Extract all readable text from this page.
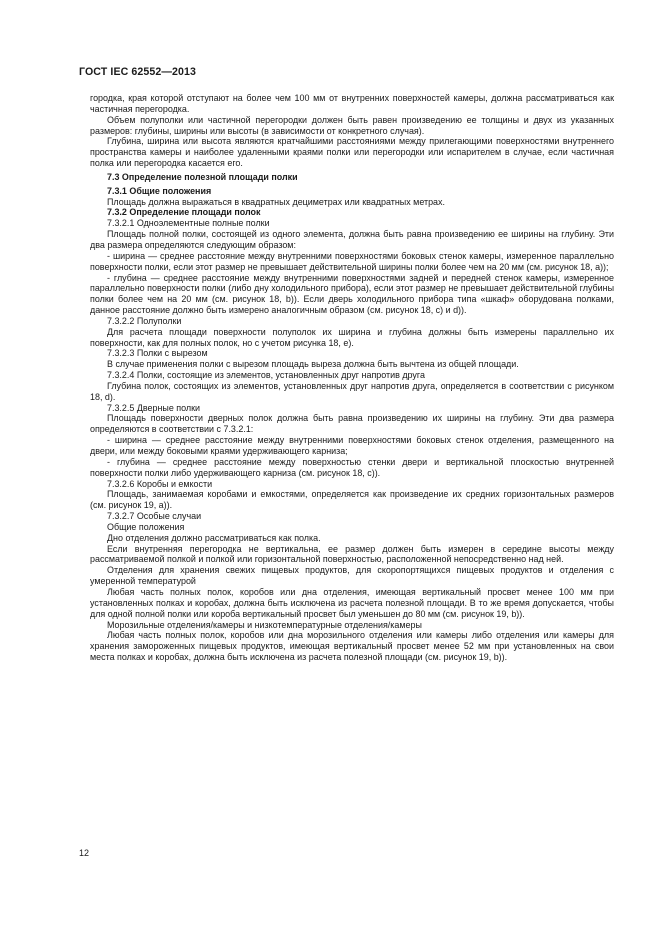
ГОСТ IEC 62552—2013

городка, края которой отступают на более чем 100 мм от внутренних поверхностей камеры, должна рассматриваться как частичная перегородка.

Объем полуполки или частичной перегородки должен быть равен произведению ее толщины и двух из указанных размеров: глубины, ширины или высоты (в зависимости от конкретного случая).

Глубина, ширина или высота являются кратчайшими расстояниями между прилегающими поверхностями внутреннего пространства камеры и наиболее удаленными краями полки или перегородки или испарителем в случае, если частичная полка или перегородка касается его.

7.3 Определение полезной площади полки

7.3.1 Общие положения

Площадь должна выражаться в квадратных дециметрах или квадратных метрах.

7.3.2 Определение площади полок

7.3.2.1 Одноэлементные полные полки

Площадь полной полки, состоящей из одного элемента, должна быть равна произведению ее ширины на глубину. Эти два размера определяются следующим образом:

- ширина — среднее расстояние между внутренними поверхностями боковых стенок камеры, измеренное параллельно поверхности полки, если этот размер не превышает действительной ширины полки более чем на 20 мм (см. рисунок 18, а));

- глубина — среднее расстояние между внутренними поверхностями задней и передней стенок камеры, измеренное параллельно поверхности полки (либо дну холодильного прибора), если этот размер не превышает действительной глубины полки более чем на 20 мм (см. рисунок 18, b)). Если дверь холодильного прибора типа «шкаф» оборудована полками, данное расстояние должно быть измерено аналогичным образом (см. рисунок 18, c) и d)).

7.3.2.2 Полуполки

Для расчета площади поверхности полуполок их ширина и глубина должны быть измерены параллельно их поверхности, как для полных полок, но с учетом рисунка 18, e).

7.3.2.3 Полки с вырезом

В случае применения полки с вырезом площадь выреза должна быть вычтена из общей площади.

7.3.2.4 Полки, состоящие из элементов, установленных друг напротив друга

Глубина полок, состоящих из элементов, установленных друг напротив друга, определяется в соответствии с рисунком 18, d).

7.3.2.5 Дверные полки

Площадь поверхности дверных полок должна быть равна произведению их ширины на глубину. Эти два размера определяются в соответствии с 7.3.2.1:

- ширина — среднее расстояние между внутренними поверхностями боковых стенок отделения, размещенного на двери, или между боковыми краями удерживающего карниза;

- глубина — среднее расстояние между поверхностью стенки двери и вертикальной плоскостью внутренней поверхности полки либо удерживающего карниза (см. рисунок 18, c)).

7.3.2.6 Коробы и емкости

Площадь, занимаемая коробами и емкостями, определяется как произведение их средних горизонтальных размеров (см. рисунок 19, а)).

7.3.2.7 Особые случаи

Общие положения

Дно отделения должно рассматриваться как полка.

Если внутренняя перегородка не вертикальна, ее размер должен быть измерен в середине высоты между рассматриваемой полкой и полкой или горизонтальной поверхностью, расположенной непосредственно над ней.

Отделения для хранения свежих пищевых продуктов, для скоропортящихся пищевых продуктов и отделения с умеренной температурой

Любая часть полных полок, коробов или дна отделения, имеющая вертикальный просвет менее 100 мм при установленных полках и коробах, должна быть исключена из расчета полезной площади. В то же время допускается, чтобы для одной полной полки или короба вертикальный просвет был уменьшен до 80 мм (см. рисунок 19, b)).

Морозильные отделения/камеры и низкотемпературные отделения/камеры

Любая часть полных полок, коробов или дна морозильного отделения или камеры либо отделения или камеры для хранения замороженных пищевых продуктов, имеющая вертикальный просвет менее 52 мм при установленных на свои места полках и коробах, должна быть исключена из расчета полезной площади (см. рисунок 19, b)).

12
